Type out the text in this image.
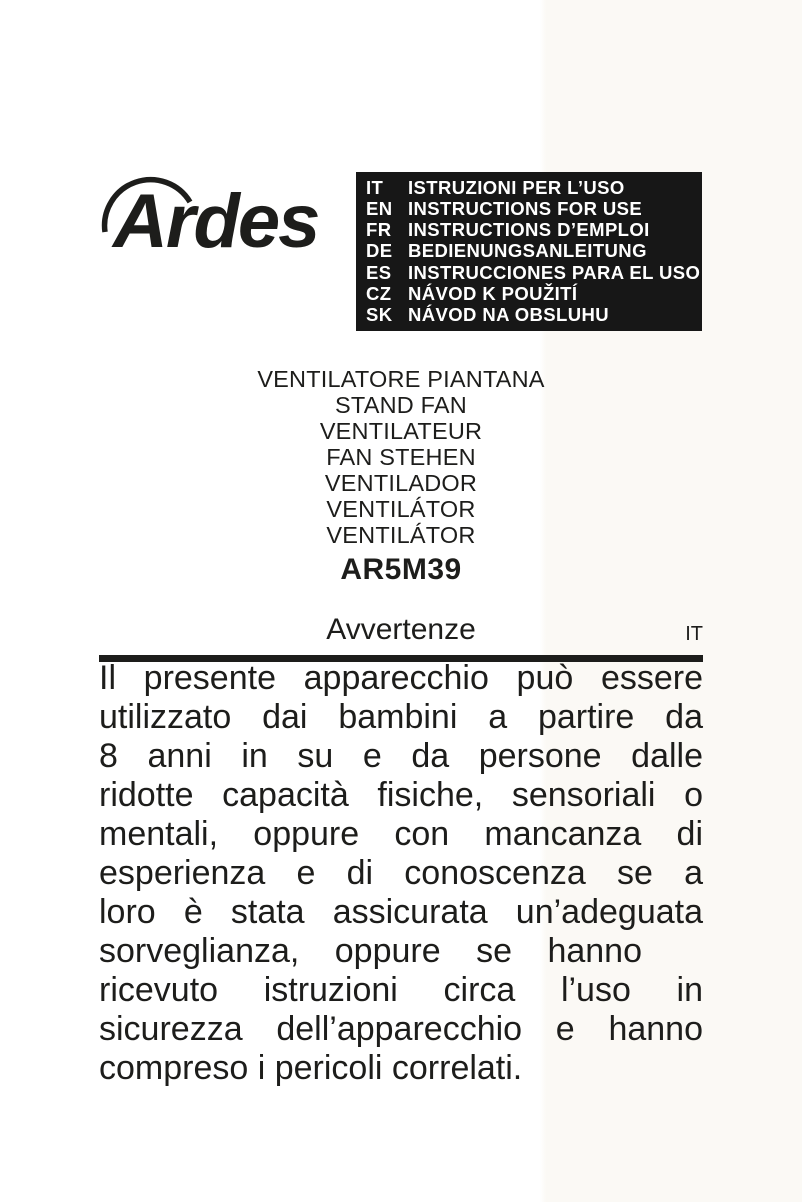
Ardes	IT	ISTRUZIONI PER L’USO
EN INSTRUCTIONS FOR USE
FR INSTRUCTIONS D’EMPLOI
DE BEDIENUNGSANLEITUNG
ES INSTRUCCIONES PARA EL USO
CZ NÁVOD K POUŽITÍ
SK NÁVOD NA OBSLUHU
VENTILATORE PIANTANA
STAND FAN
VENTILATEUR
FAN STEHEN
VENTILADOR
VENTILÁTOR
VENTILÁTOR
AR5M39
Avvertenze	IT
Il presente apparecchio può essere
utilizzato dai bambini a partire da
8 anni in su e da persone dalle
ridotte capacità fisiche, sensoriali o
mentali, oppure con mancanza di
esperienza e di conoscenza se a
loro è stata assicurata un’adeguata
sorveglianza, oppure se hanno
ricevuto istruzioni circa l’uso in
sicurezza dell’apparecchio e hanno
compreso i pericoli correlati.
